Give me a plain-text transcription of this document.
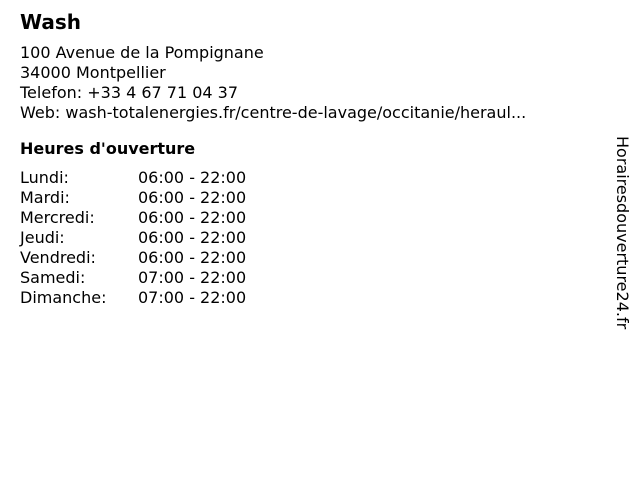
Wash
100 Avenue de la Pompignane
34000 Montpellier
Telefon: +33 4 67 71 04 37
Web: wash-totalenergies.fr/centre-de-lavage/occitanie/heraul...
Heures d'ouverture
Lundi:	06:00 - 22:00
Mardi:	06:00 - 22:00
Mercredi:	06:00 - 22:00
Jeudi:	06:00 - 22:00
Vendredi:	06:00 - 22:00
Samedi:	07:00 - 22:00
Dimanche: 07:00 - 22:00	Horairesdouverture24.fr
